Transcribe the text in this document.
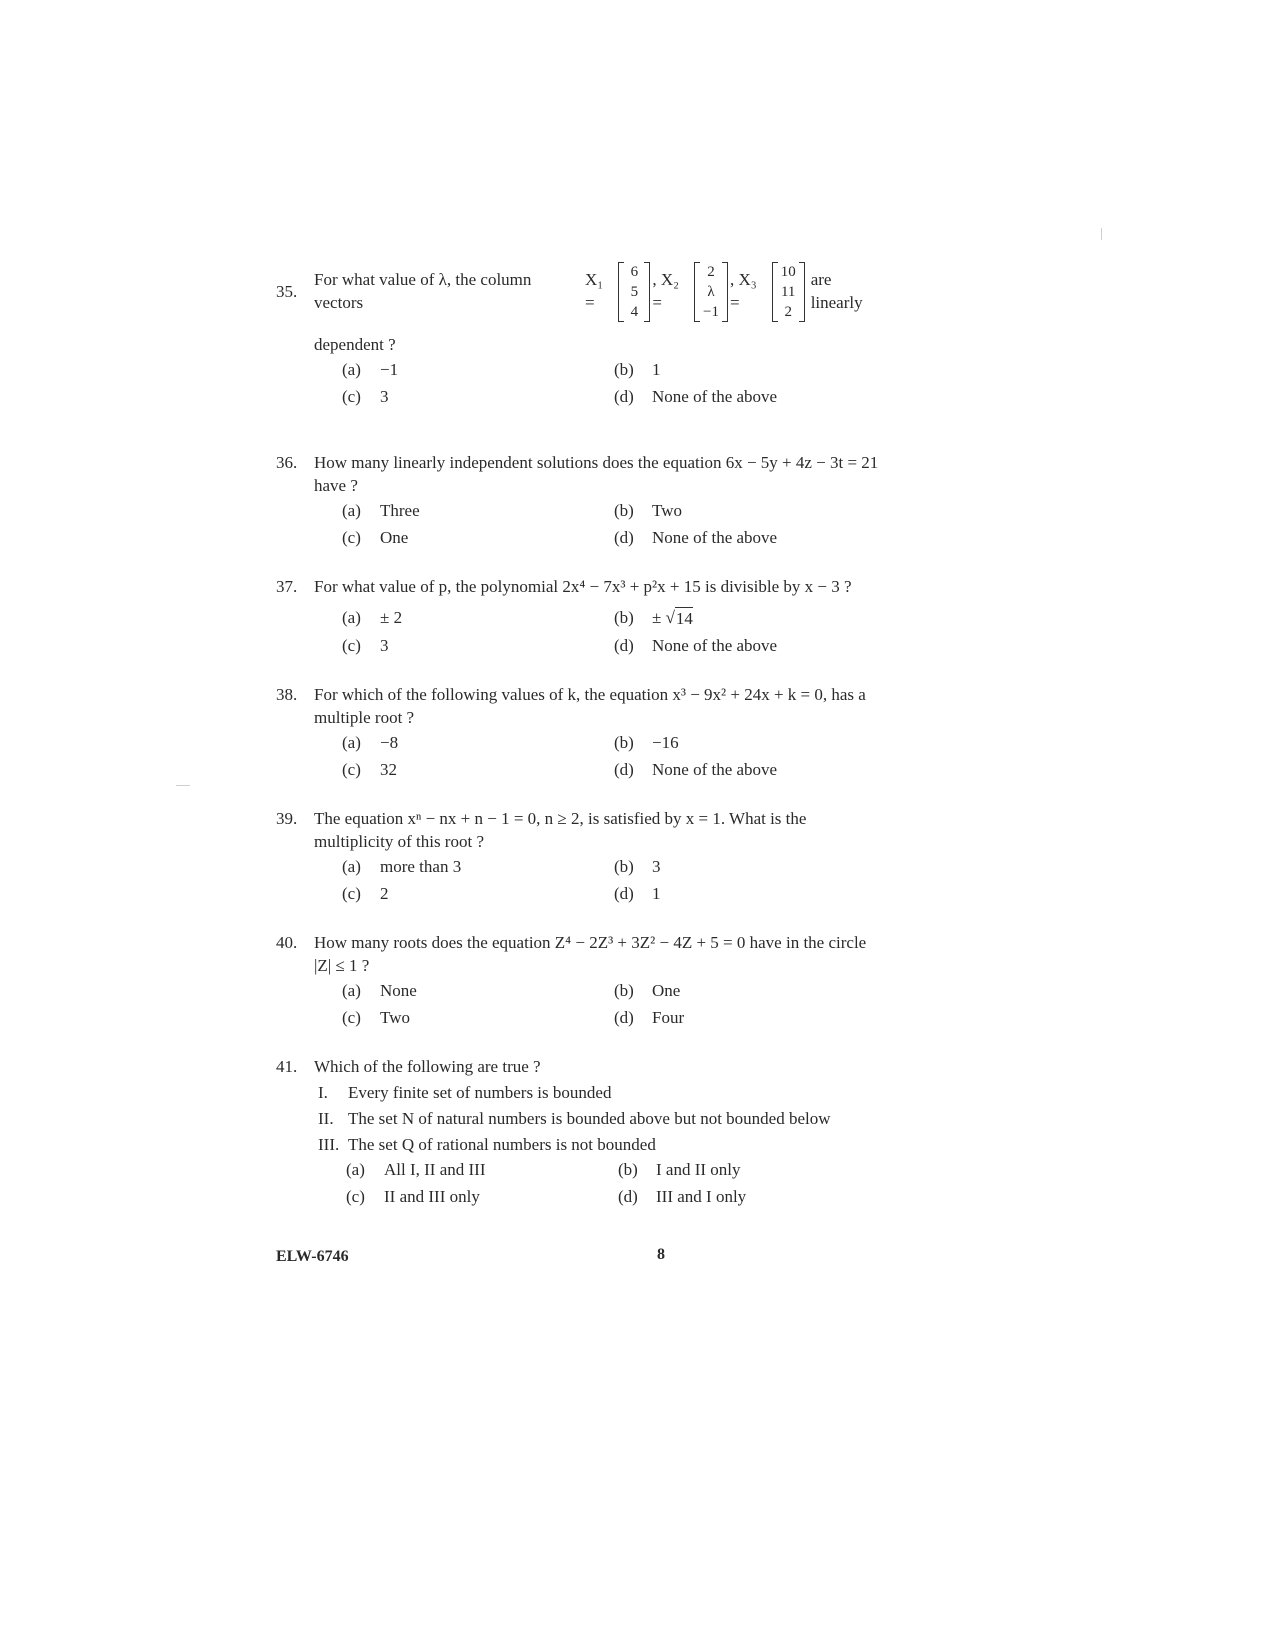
35.
For what value of λ, the column vectors
X₁ =
6
5
4
, X₂ =
2
λ
−1
, X₃ =
10
11
2
are linearly
dependent ?
(a)	−1	(b)	1
(c)	3	(d)	None of the above
36. How many linearly independent solutions does the equation 6x − 5y + 4z − 3t = 21 have ?
(a)	Three	(b)	Two
(c)	One	(d)	None of the above
37. For what value of p, the polynomial 2x⁴ − 7x³ + p²x + 15 is divisible by x − 3 ?
(a)	± 2	(b)	± √ 14
(c)	3	(d)	None of the above
38. For which of the following values of k, the equation x³ − 9x² + 24x + k = 0, has a multiple root ?
(a)	−8	(b)	−16
(c)	32	(d)	None of the above
39. The equation xⁿ − nx + n − 1 = 0, n ≥ 2, is satisfied by x = 1. What is the multiplicity of this root ?
(a)	more than 3	(b)	3
(c)	2	(d)	1
40. How many roots does the equation Z⁴ − 2Z³ + 3Z² − 4Z + 5 = 0 have in the circle |Z| ≤ 1 ?
(a)	None	(b)	One
(c)	Two	(d)	Four
41. Which of the following are true ?
I.	Every finite set of numbers is bounded
II. The set N of natural numbers is bounded above but not bounded below
III. The set Q of rational numbers is not bounded
(a)	All I, II and III	(b)	I and II only
(c)	II and III only	(d)	III and I only
ELW-6746	8
